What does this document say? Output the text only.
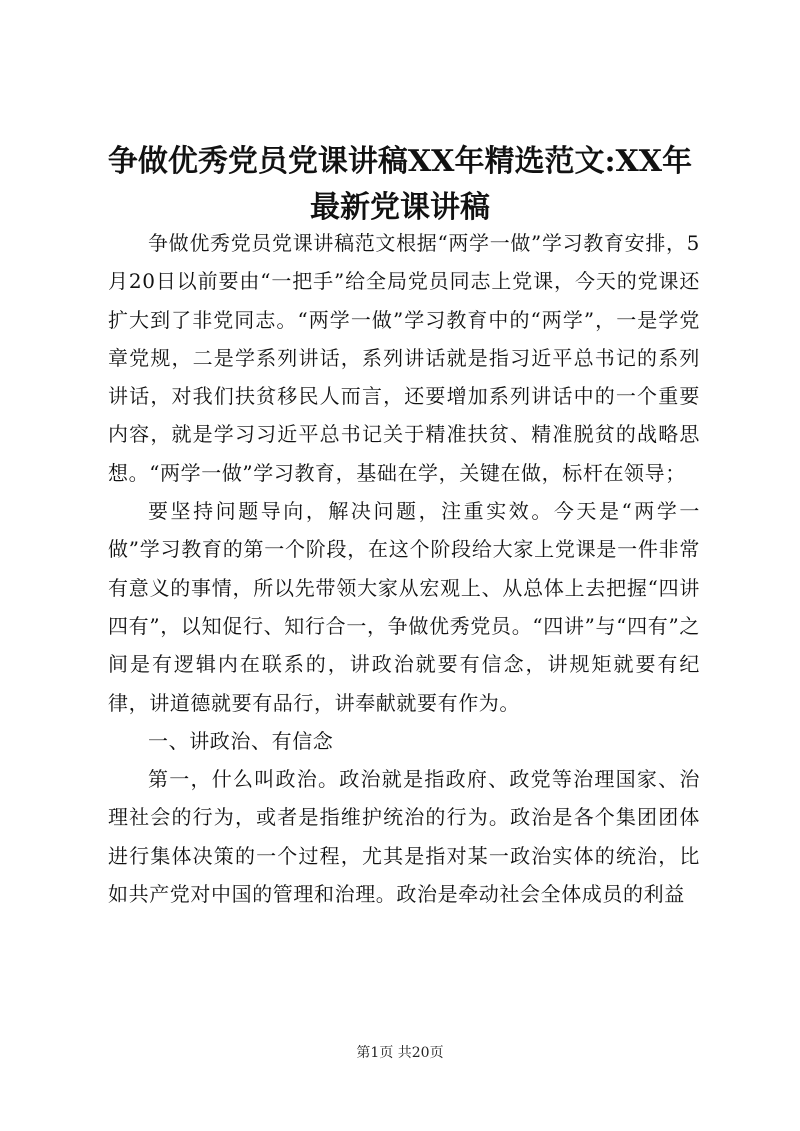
争做优秀党员党课讲稿XX年精选范文:XX年
最新党课讲稿

争做优秀党员党课讲稿范文根据“两学一做”学习教育安排，5月20日以前要由“一把手”给全局党员同志上党课，今天的党课还扩大到了非党同志。“两学一做”学习教育中的“两学”，一是学党章党规，二是学系列讲话，系列讲话就是指习近平总书记的系列讲话，对我们扶贫移民人而言，还要增加系列讲话中的一个重要内容，就是学习习近平总书记关于精准扶贫、精准脱贫的战略思想。“两学一做”学习教育，基础在学，关键在做，标杆在领导；

要坚持问题导向，解决问题，注重实效。今天是“两学一做”学习教育的第一个阶段，在这个阶段给大家上党课是一件非常有意义的事情，所以先带领大家从宏观上、从总体上去把握“四讲四有”，以知促行、知行合一，争做优秀党员。“四讲”与“四有”之间是有逻辑内在联系的，讲政治就要有信念，讲规矩就要有纪律，讲道德就要有品行，讲奉献就要有作为。

一、讲政治、有信念

第一，什么叫政治。政治就是指政府、政党等治理国家、治理社会的行为，或者是指维护统治的行为。政治是各个集团团体进行集体决策的一个过程，尤其是指对某一政治实体的统治，比如共产党对中国的管理和治理。政治是牵动社会全体成员的利益

第1页 共20页
